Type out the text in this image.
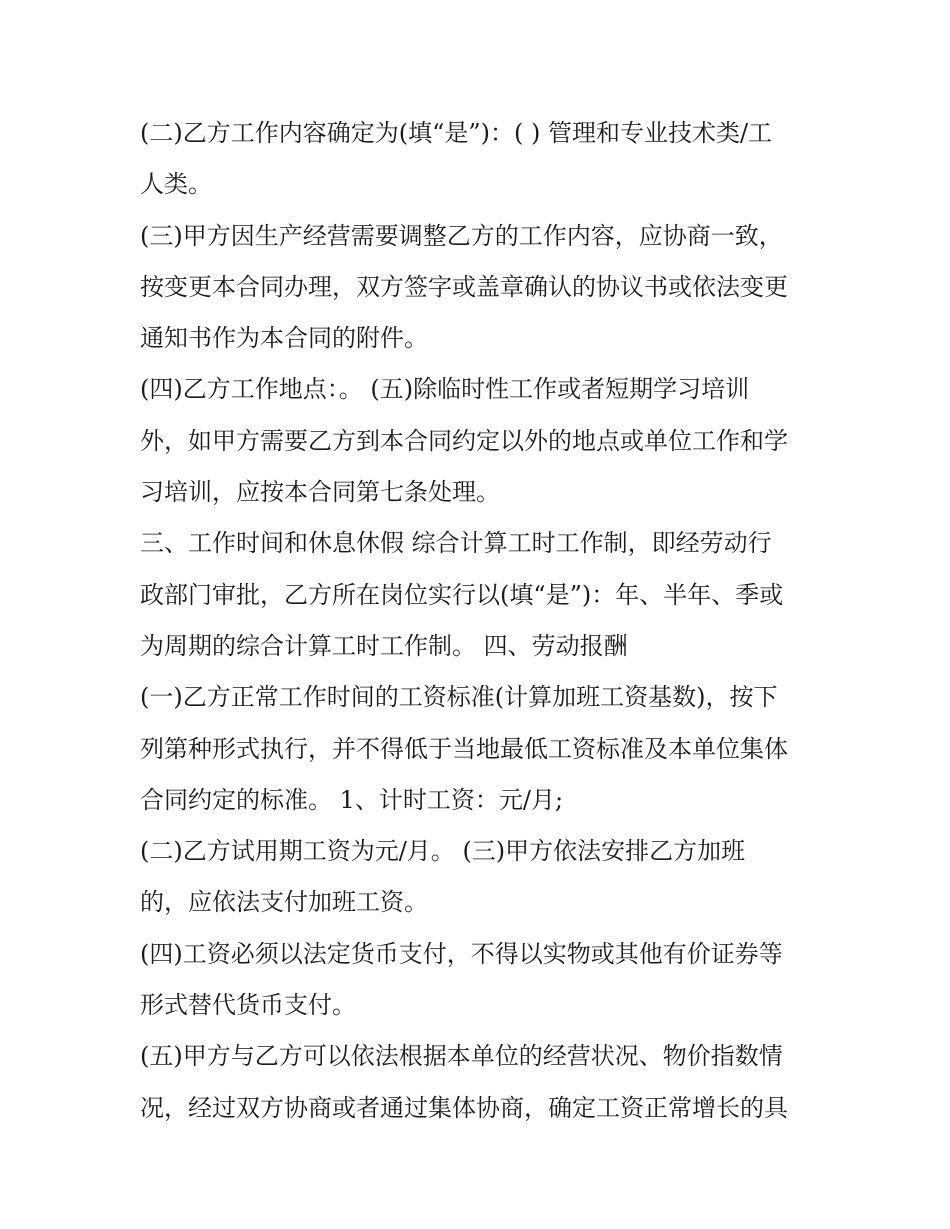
(二)乙方工作内容确定为(填“是”)：( ) 管理和专业技术类/工
人类。
(三)甲方因生产经营需要调整乙方的工作内容，应协商一致，
按变更本合同办理，双方签字或盖章确认的协议书或依法变更
通知书作为本合同的附件。
(四)乙方工作地点：。 (五)除临时性工作或者短期学习培训
外，如甲方需要乙方到本合同约定以外的地点或单位工作和学
习培训，应按本合同第七条处理。
三、工作时间和休息休假 综合计算工时工作制，即经劳动行
政部门审批，乙方所在岗位实行以(填“是”)：年、半年、季或
为周期的综合计算工时工作制。 四、劳动报酬
(一)乙方正常工作时间的工资标准(计算加班工资基数)，按下
列第种形式执行，并不得低于当地最低工资标准及本单位集体
合同约定的标准。 1、计时工资：元/月;
(二)乙方试用期工资为元/月。 (三)甲方依法安排乙方加班
的，应依法支付加班工资。
(四)工资必须以法定货币支付，不得以实物或其他有价证券等
形式替代货币支付。
(五)甲方与乙方可以依法根据本单位的经营状况、物价指数情
况，经过双方协商或者通过集体协商，确定工资正常增长的具
